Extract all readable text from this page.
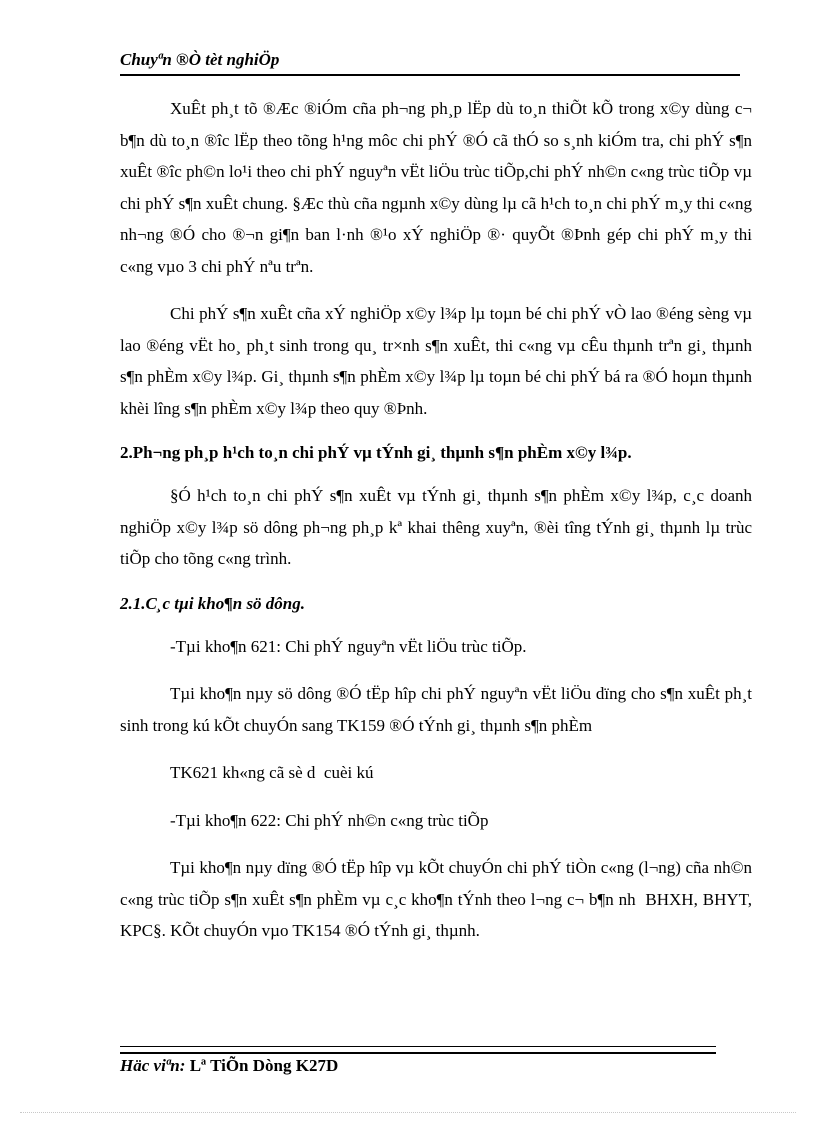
Chuyªn ®Ò tèt nghiÖp

XuÊt ph¸t tõ ®Æc ®iÓm cña ph¬ng ph¸p lËp dù to¸n thiÕt kÕ trong x©y dùng c¬ b¶n dù to¸n ®îc lËp theo tõng h¹ng môc chi phÝ ®Ó cã thÓ so s¸nh kiÓm tra, chi phÝ s¶n xuÊt ®îc ph©n lo¹i theo chi phÝ nguyªn vËt liÖu trùc tiÕp,chi phÝ nh©n c«ng trùc tiÕp vµ chi phÝ s¶n xuÊt chung. §Æc thù cña ngµnh x©y dùng lµ cã h¹ch to¸n chi phÝ m¸y thi c«ng nh¬ng ®Ó cho ®¬n gi¶n ban l·nh ®¹o xÝ nghiÖp ®· quyÕt ®Þnh gép chi phÝ m¸y thi c«ng vµo 3 chi phÝ nªu trªn.

Chi phÝ s¶n xuÊt cña xÝ nghiÖp x©y l¾p lµ toµn bé chi phÝ vÒ lao ®éng sèng vµ lao ®éng vËt ho¸ ph¸t sinh trong qu¸ tr×nh s¶n xuÊt, thi c«ng vµ cÊu thµnh trªn gi¸ thµnh s¶n phÈm x©y l¾p. Gi¸ thµnh s¶n phÈm x©y l¾p lµ toµn bé chi phÝ bá ra ®Ó hoµn thµnh khèi lîng s¶n phÈm x©y l¾p theo quy ®Þnh.

2.Ph¬ng ph¸p h¹ch to¸n chi phÝ vµ tÝnh gi¸ thµnh s¶n phÈm x©y l¾p.

§Ó h¹ch to¸n chi phÝ s¶n xuÊt vµ tÝnh gi¸ thµnh s¶n phÈm x©y l¾p, c¸c doanh nghiÖp x©y l¾p sö dông ph¬ng ph¸p kª khai thêng xuyªn, ®èi tîng tÝnh gi¸ thµnh lµ trùc tiÕp cho tõng c«ng trình.

2.1.C¸c tµi kho¶n sö dông.

-Tµi kho¶n 621: Chi phÝ nguyªn vËt liÖu trùc tiÕp.

Tµi kho¶n nµy sö dông ®Ó tËp hîp chi phÝ nguyªn vËt liÖu dïng cho s¶n xuÊt ph¸t sinh trong kú kÕt chuyÓn sang TK159 ®Ó tÝnh gi¸ thµnh s¶n phÈm

TK621 kh«ng cã sè d  cuèi kú

-Tµi kho¶n 622: Chi phÝ nh©n c«ng trùc tiÕp

Tµi kho¶n nµy dïng ®Ó tËp hîp vµ kÕt chuyÓn chi phÝ tiÒn c«ng (l¬ng) cña nh©n c«ng trùc tiÕp s¶n xuÊt s¶n phÈm vµ c¸c kho¶n tÝnh theo l¬ng c¬ b¶n nh  BHXH, BHYT, KPC§. KÕt chuyÓn vµo TK154 ®Ó tÝnh gi¸ thµnh.

Häc viªn: Lª TiÕn Dòng K27D
